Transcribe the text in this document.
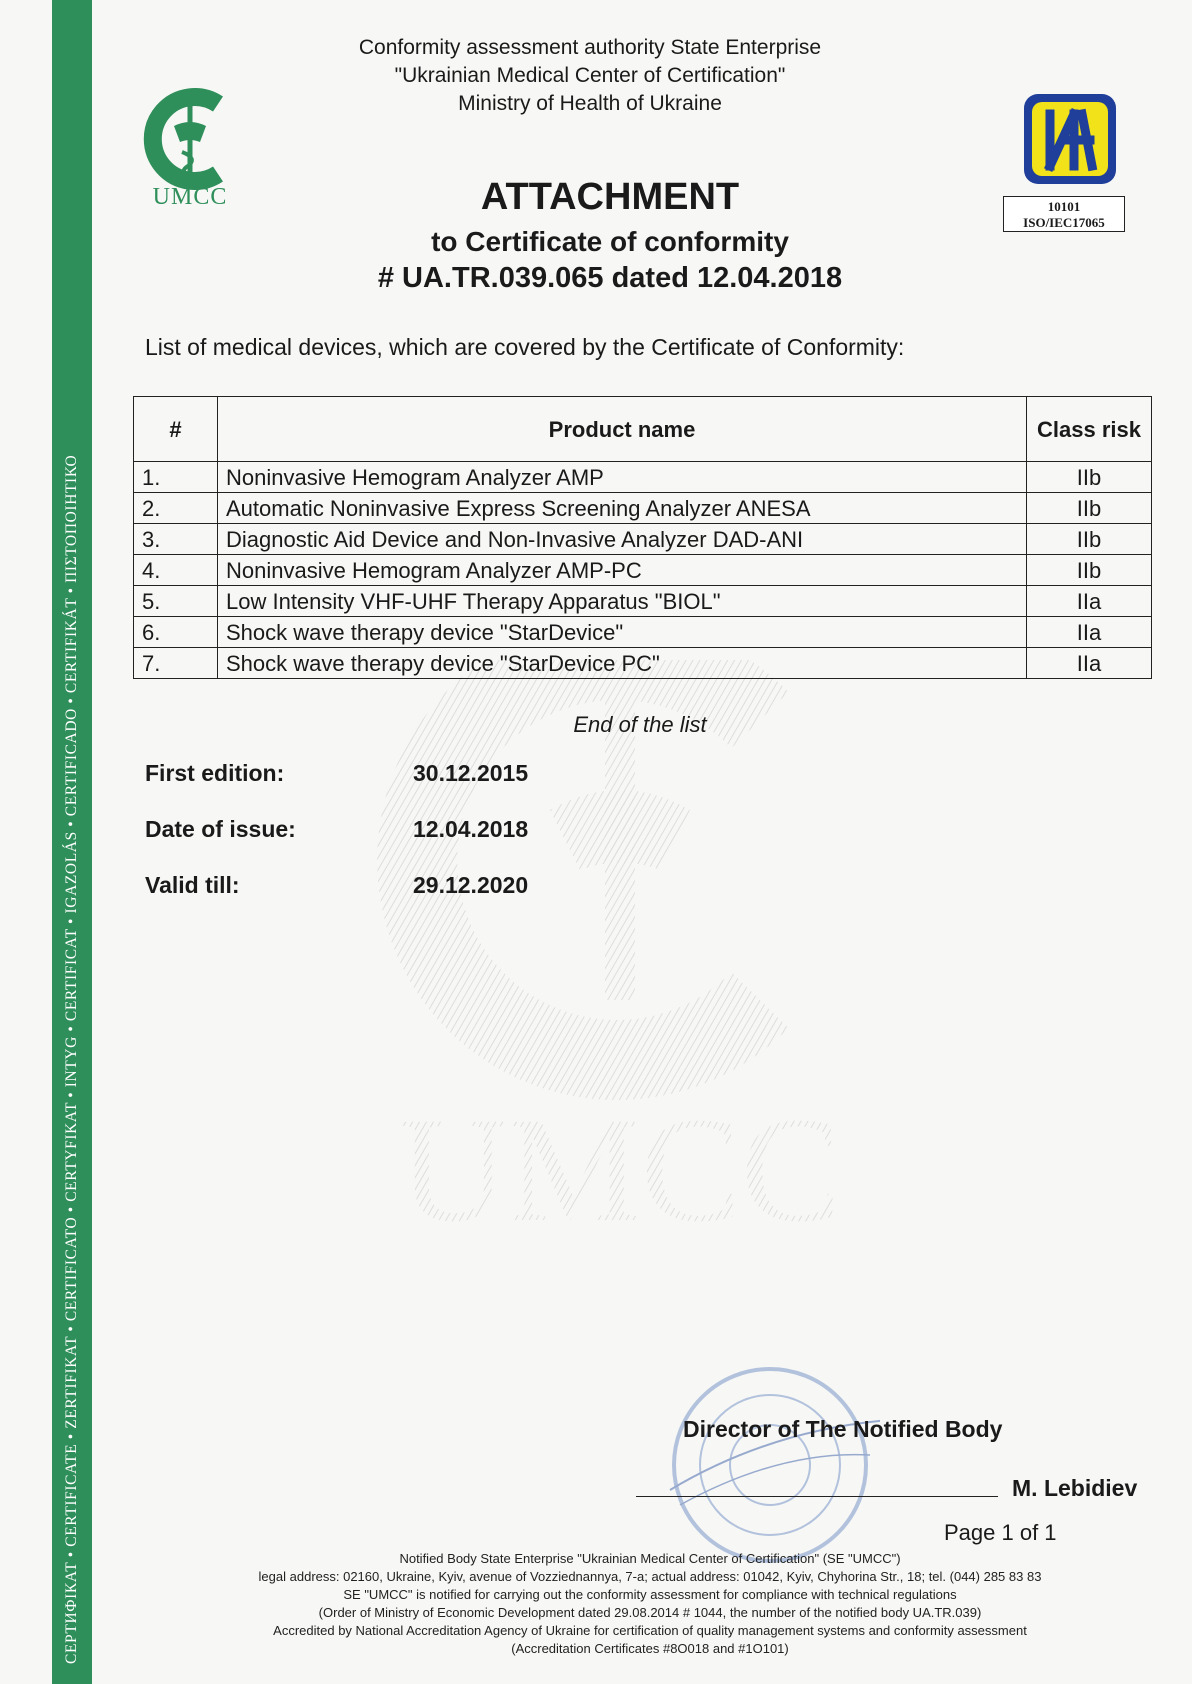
СЕРТИФІКАТ • CERTIFICATE • ZERTIFIKAT • CERTIFICATO • CERTYFIKAT • INTYG • CERTIFICAT • IGAZOLÁS • CERTIFICADO • CERTIFIKÁT • ΠΙΣΤΟΠΟΙΗΤΙΚΟ
UMCC
Conformity assessment authority State Enterprise
"Ukrainian Medical Center of Certification"
Ministry of Health of Ukraine
10101
ISO/IEC17065
UMCC
ATTACHMENT
to Certificate of conformity
# UA.TR.039.065 dated 12.04.2018
List of medical devices, which are covered by the Certificate of Conformity:
#	Product name	Class risk
1.	Noninvasive Hemogram Analyzer AMP	IIb
2.	Automatic Noninvasive Express Screening Analyzer ANESA	IIb
3.	Diagnostic Aid Device and Non-Invasive Analyzer DAD-ANI	IIb
4.	Noninvasive Hemogram Analyzer AMP-PC	IIb
5.	Low Intensity VHF-UHF Therapy Apparatus "BIOL"	IIa
6.	Shock wave therapy device "StarDevice"	IIa
7.	Shock wave therapy device "StarDevice PC"	IIa
End of the list
First edition:	30.12.2015
Date of issue:	12.04.2018
Valid till:	29.12.2020
Director of The Notified Body
M. Lebidiev
Page 1 of 1
Notified Body State Enterprise "Ukrainian Medical Center of Certification" (SE "UMCC")
legal address: 02160, Ukraine, Kyiv, avenue of Vozziednannya, 7-a; actual address: 01042, Kyiv, Chyhorina Str., 18; tel. (044) 285 83 83
SE "UMCC" is notified for carrying out the conformity assessment for compliance with technical regulations
(Order of Ministry of Economic Development dated 29.08.2014 # 1044, the number of the notified body UA.TR.039)
Accredited by National Accreditation Agency of Ukraine for certification of quality management systems and conformity assessment
(Accreditation Certificates #8O018 and #1O101)
